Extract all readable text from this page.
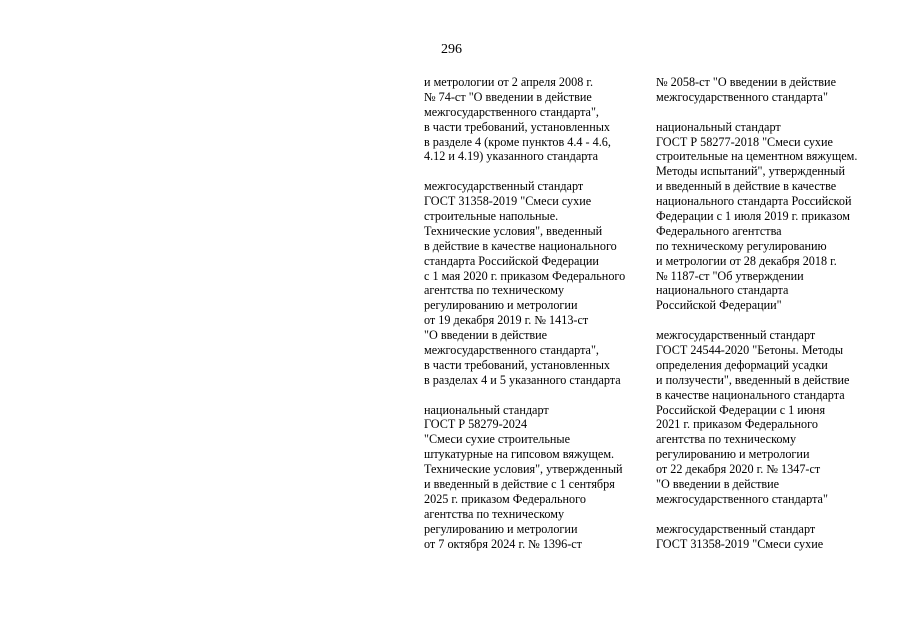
296
и метрологии от 2 апреля 2008 г.
№ 74-ст "О введении в действие
межгосударственного стандарта",
в части требований, установленных
в разделе 4 (кроме пунктов 4.4 - 4.6,
4.12 и 4.19) указанного стандарта
межгосударственный стандарт
ГОСТ 31358-2019 "Смеси сухие
строительные напольные.
Технические условия", введенный
в действие в качестве национального
стандарта Российской Федерации
с 1 мая 2020 г. приказом Федерального
агентства по техническому
регулированию и метрологии
от 19 декабря 2019 г. № 1413-ст
"О введении в действие
межгосударственного стандарта",
в части требований, установленных
в разделах 4 и 5 указанного стандарта
национальный стандарт
ГОСТ Р 58279-2024
"Смеси сухие строительные
штукатурные на гипсовом вяжущем.
Технические условия", утвержденный
и введенный в действие с 1 сентября
2025 г. приказом Федерального
агентства по техническому
регулированию и метрологии
от 7 октября 2024 г. № 1396-ст
№ 2058-ст "О введении в действие
межгосударственного стандарта"
национальный стандарт
ГОСТ Р 58277-2018 "Смеси сухие
строительные на цементном вяжущем.
Методы испытаний", утвержденный
и введенный в действие в качестве
национального стандарта Российской
Федерации с 1 июля 2019 г. приказом
Федерального агентства
по техническому регулированию
и метрологии от 28 декабря 2018 г.
№ 1187-ст "Об утверждении
национального стандарта
Российской Федерации"
межгосударственный стандарт
ГОСТ 24544-2020 "Бетоны. Методы
определения деформаций усадки
и ползучести", введенный в действие
в качестве национального стандарта
Российской Федерации с 1 июня
2021 г. приказом Федерального
агентства по техническому
регулированию и метрологии
от 22 декабря 2020 г. № 1347-ст
"О введении в действие
межгосударственного стандарта"
межгосударственный стандарт
ГОСТ 31358-2019 "Смеси сухие
